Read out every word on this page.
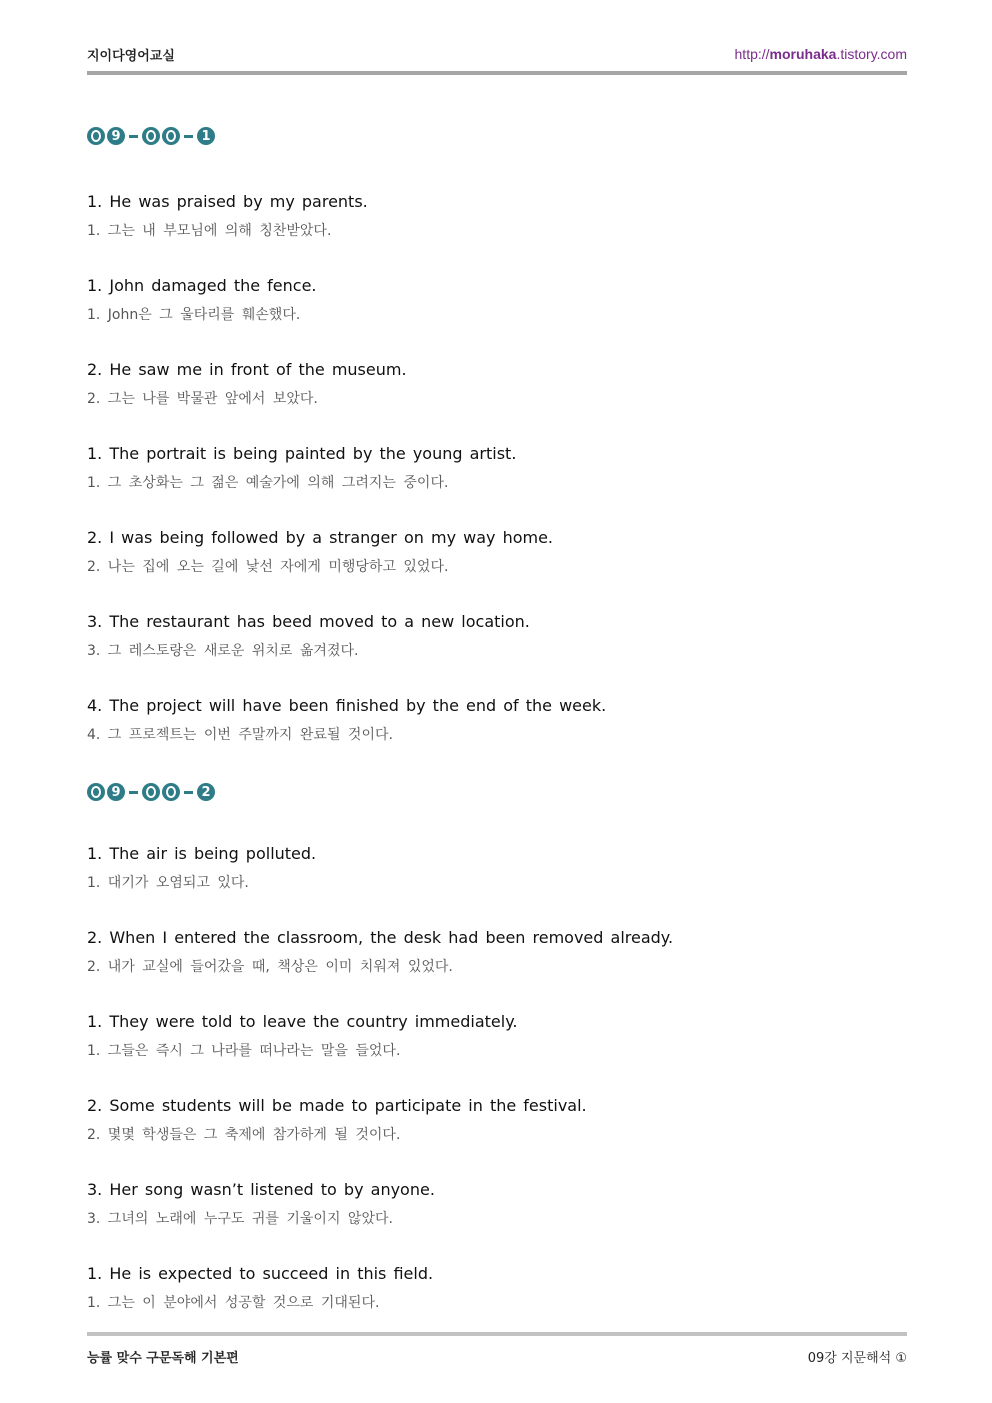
지이다영어교실	http://moruhaka.tistory.com
9	1
1. He was praised by my parents.
1. 그는 내 부모님에 의해 칭찬받았다.
1. John damaged the fence.
1. John은 그 울타리를 훼손했다.
2. He saw me in front of the museum.
2. 그는 나를 박물관 앞에서 보았다.
1. The portrait is being painted by the young artist.
1. 그 초상화는 그 젊은 예술가에 의해 그려지는 중이다.
2. I was being followed by a stranger on my way home.
2. 나는 집에 오는 길에 낯선 자에게 미행당하고 있었다.
3. The restaurant has beed moved to a new location.
3. 그 레스토랑은 새로운 위치로 옮겨졌다.
4. The project will have been finished by the end of the week.
4. 그 프로젝트는 이번 주말까지 완료될 것이다.
9	2
1. The air is being polluted.
1. 대기가 오염되고 있다.
2. When I entered the classroom, the desk had been removed already.
2. 내가 교실에 들어갔을 때, 책상은 이미 치워져 있었다.
1. They were told to leave the country immediately.
1. 그들은 즉시 그 나라를 떠나라는 말을 들었다.
2. Some students will be made to participate in the festival.
2. 몇몇 학생들은 그 축제에 참가하게 될 것이다.
3. Her song wasn’t listened to by anyone.
3. 그녀의 노래에 누구도 귀를 기울이지 않았다.
1. He is expected to succeed in this field.
1. 그는 이 분야에서 성공할 것으로 기대된다.
능률 맞수 구문독해 기본편	09강 지문해석 ①
